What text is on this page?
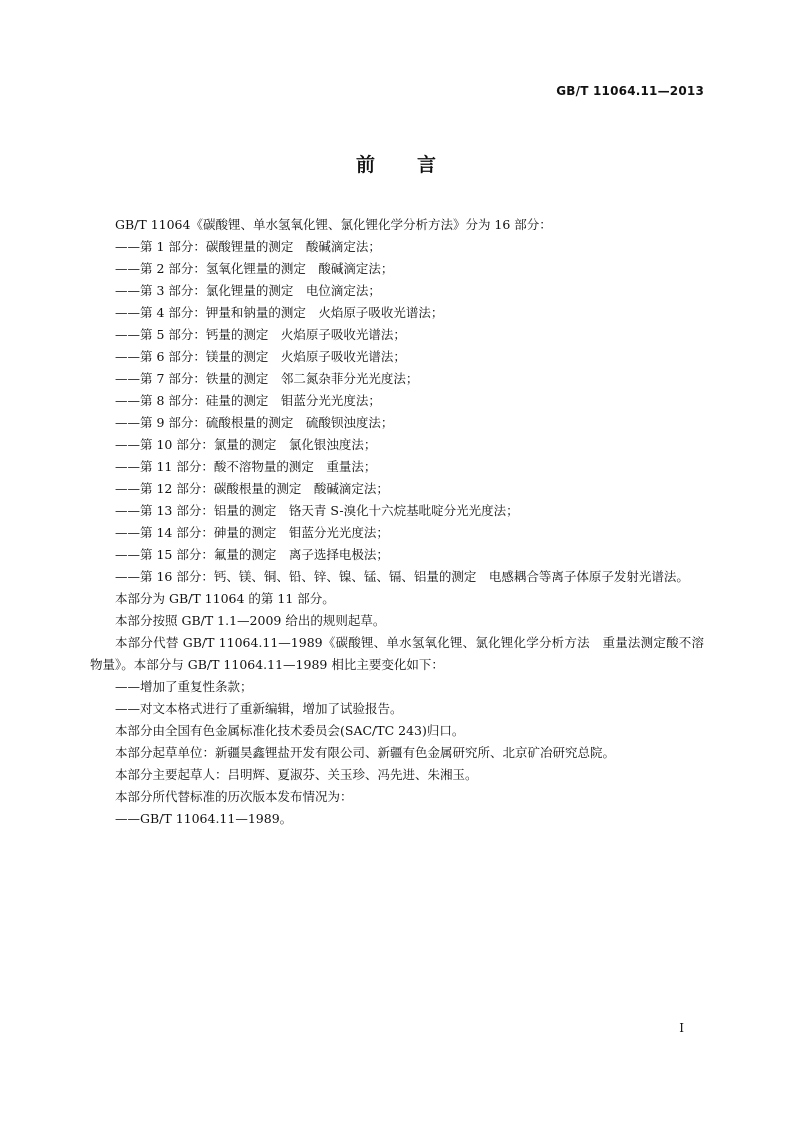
GB/T 11064.11—2013
前 言

GB/T 11064《碳酸锂、单水氢氧化锂、氯化锂化学分析方法》分为 16 部分：

——第 1 部分：碳酸锂量的测定　酸碱滴定法；

——第 2 部分：氢氧化锂量的测定　酸碱滴定法；

——第 3 部分：氯化锂量的测定　电位滴定法；

——第 4 部分：钾量和钠量的测定　火焰原子吸收光谱法；

——第 5 部分：钙量的测定　火焰原子吸收光谱法；

——第 6 部分：镁量的测定　火焰原子吸收光谱法；

——第 7 部分：铁量的测定　邻二氮杂菲分光光度法；

——第 8 部分：硅量的测定　钼蓝分光光度法；

——第 9 部分：硫酸根量的测定　硫酸钡浊度法；

——第 10 部分：氯量的测定　氯化银浊度法；

——第 11 部分：酸不溶物量的测定　重量法；

——第 12 部分：碳酸根量的测定　酸碱滴定法；

——第 13 部分：铝量的测定　铬天青 S-溴化十六烷基吡啶分光光度法；

——第 14 部分：砷量的测定　钼蓝分光光度法；

——第 15 部分：氟量的测定　离子选择电极法；

——第 16 部分：钙、镁、铜、铅、锌、镍、锰、镉、铝量的测定　电感耦合等离子体原子发射光谱法。

本部分为 GB/T 11064 的第 11 部分。

本部分按照 GB/T 1.1—2009 给出的规则起草。

本部分代替 GB/T 11064.11—1989《碳酸锂、单水氢氧化锂、氯化锂化学分析方法　重量法测定酸不溶物量》。本部分与 GB/T 11064.11—1989 相比主要变化如下：

——增加了重复性条款；

——对文本格式进行了重新编辑，增加了试验报告。

本部分由全国有色金属标准化技术委员会(SAC/TC 243)归口。

本部分起草单位：新疆昊鑫锂盐开发有限公司、新疆有色金属研究所、北京矿冶研究总院。

本部分主要起草人：吕明辉、夏淑芬、关玉珍、冯先进、朱湘玉。

本部分所代替标准的历次版本发布情况为：

——GB/T 11064.11—1989。

I
